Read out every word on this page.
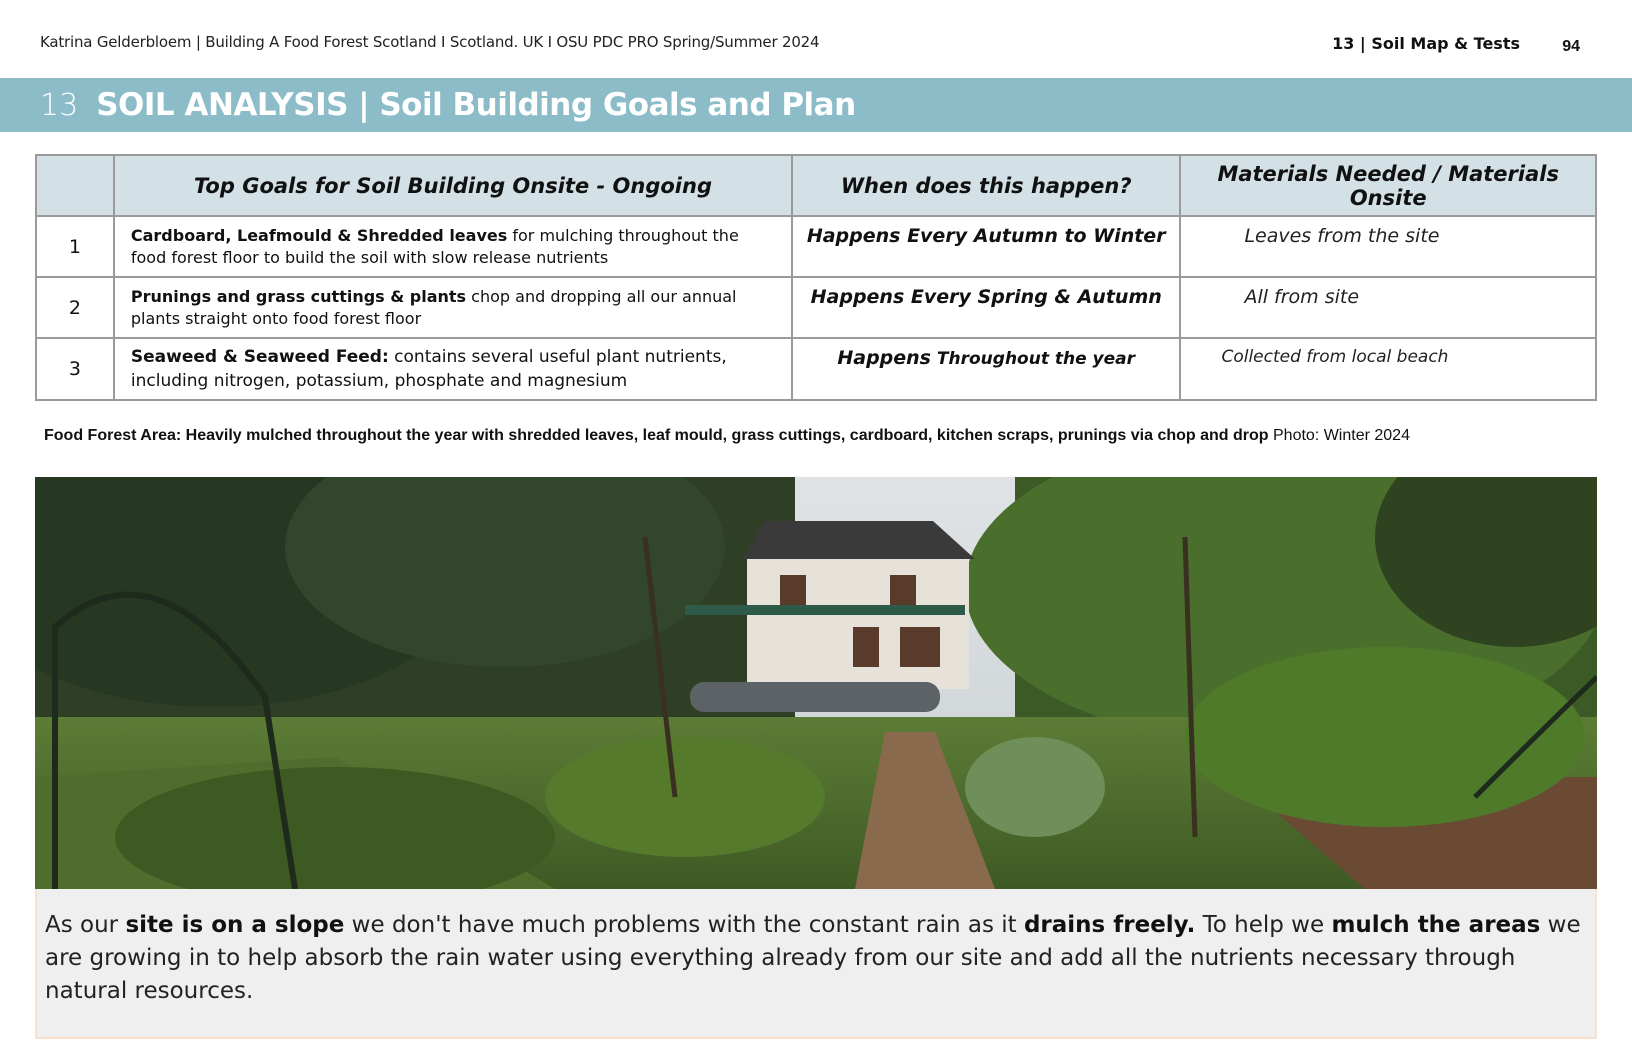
Katrina Gelderbloem | Building A Food Forest Scotland I Scotland. UK I OSU PDC PRO Spring/Summer 2024	13 | Soil Map & Tests	94
13 SOIL ANALYSIS | Soil Building Goals and Plan
	Top Goals for Soil Building Onsite - Ongoing	When does this happen?	Materials Needed / Materials Onsite
1	Cardboard, Leafmould & Shredded leaves for mulching throughout the food forest floor to build the soil with slow release nutrients	Happens Every Autumn to Winter	Leaves from the site
2	Prunings and grass cuttings & plants chop and dropping all our annual plants straight onto food forest floor	Happens Every Spring & Autumn	All from site
3	Seaweed & Seaweed Feed: contains several useful plant nutrients, including nitrogen, potassium, phosphate and magnesium	Happens Throughout the year	Collected from local beach
Food Forest Area: Heavily mulched throughout the year with shredded leaves, leaf mould, grass cuttings, cardboard, kitchen scraps, prunings via chop and drop Photo: Winter 2024
As our site is on a slope we don't have much problems with the constant rain as it drains freely. To help we mulch the areas we are growing in to help absorb the rain water using everything already from our site and add all the nutrients necessary through natural resources.
